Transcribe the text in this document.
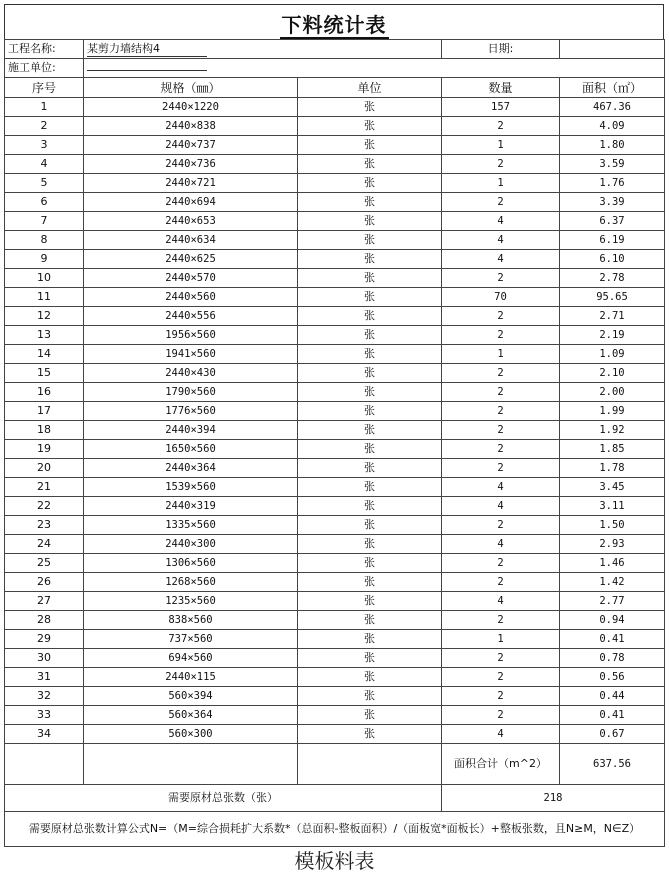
下料统计表
工程名称:	某剪力墙结构4		日期:	
施工单位:				
序号	规格（㎜）	单位	数量	面积（㎡）
1	2440×1220	张	157	467.36
2	2440×838	张	2	4.09
3	2440×737	张	1	1.80
4	2440×736	张	2	3.59
5	2440×721	张	1	1.76
6	2440×694	张	2	3.39
7	2440×653	张	4	6.37
8	2440×634	张	4	6.19
9	2440×625	张	4	6.10
10	2440×570	张	2	2.78
11	2440×560	张	70	95.65
12	2440×556	张	2	2.71
13	1956×560	张	2	2.19
14	1941×560	张	1	1.09
15	2440×430	张	2	2.10
16	1790×560	张	2	2.00
17	1776×560	张	2	1.99
18	2440×394	张	2	1.92
19	1650×560	张	2	1.85
20	2440×364	张	2	1.78
21	1539×560	张	4	3.45
22	2440×319	张	4	3.11
23	1335×560	张	2	1.50
24	2440×300	张	4	2.93
25	1306×560	张	2	1.46
26	1268×560	张	2	1.42
27	1235×560	张	4	2.77
28	838×560	张	2	0.94
29	737×560	张	1	0.41
30	694×560	张	2	0.78
31	2440×115	张	2	0.56
32	560×394	张	2	0.44
33	560×364	张	2	0.41
34	560×300	张	4	0.67
			面积合计（m^2）	637.56
需要原材总张数（张）			218	
需要原材总张数计算公式N=（M=综合损耗扩大系数*（总面积-整板面积）/（面板宽*面板长）+整板张数，且N≥M，N∈Z）				
模板料表
